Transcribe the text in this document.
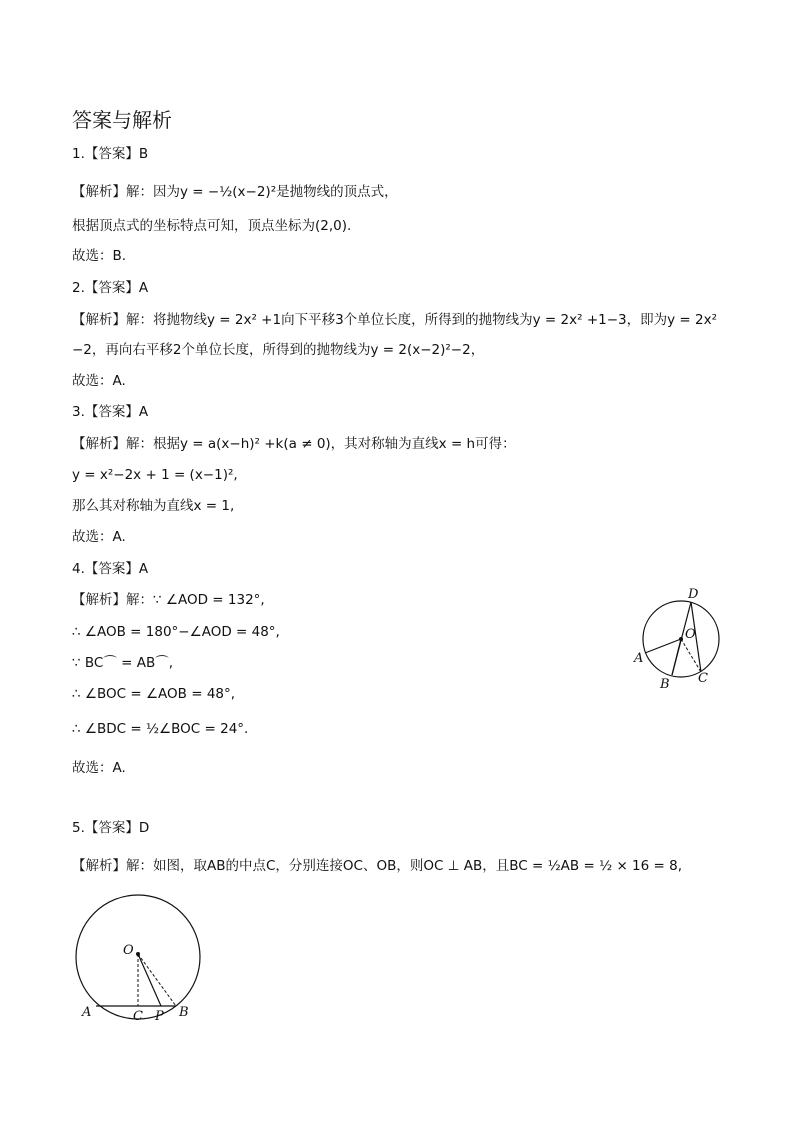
答案与解析
1.【答案】B
【解析】解：因为y = −½(x−2)²是抛物线的顶点式，
根据顶点式的坐标特点可知，顶点坐标为(2,0).
故选：B.
2.【答案】A
【解析】解：将抛物线y = 2x² +1向下平移3个单位长度，所得到的抛物线为y = 2x² +1−3，即为y = 2x²
−2，再向右平移2个单位长度，所得到的抛物线为y = 2(x−2)²−2，
故选：A.
3.【答案】A
【解析】解：根据y = a(x−h)² +k(a ≠ 0)，其对称轴为直线x = h可得：
y = x²−2x + 1 = (x−1)²,
那么其对称轴为直线x = 1,
故选：A.
4.【答案】A
【解析】解：∵ ∠AOD = 132°,
∴ ∠AOB = 180°−∠AOD = 48°,
∵ BC⌒ = AB⌒,
∴ ∠BOC = ∠AOB = 48°,
∴ ∠BDC = ½∠BOC = 24°.
故选：A.
D
O
A
B C
5.【答案】D
【解析】解：如图，取AB的中点C，分别连接OC、OB，则OC ⊥ AB，且BC = ½AB = ½ × 16 = 8,
O
A	C P B
